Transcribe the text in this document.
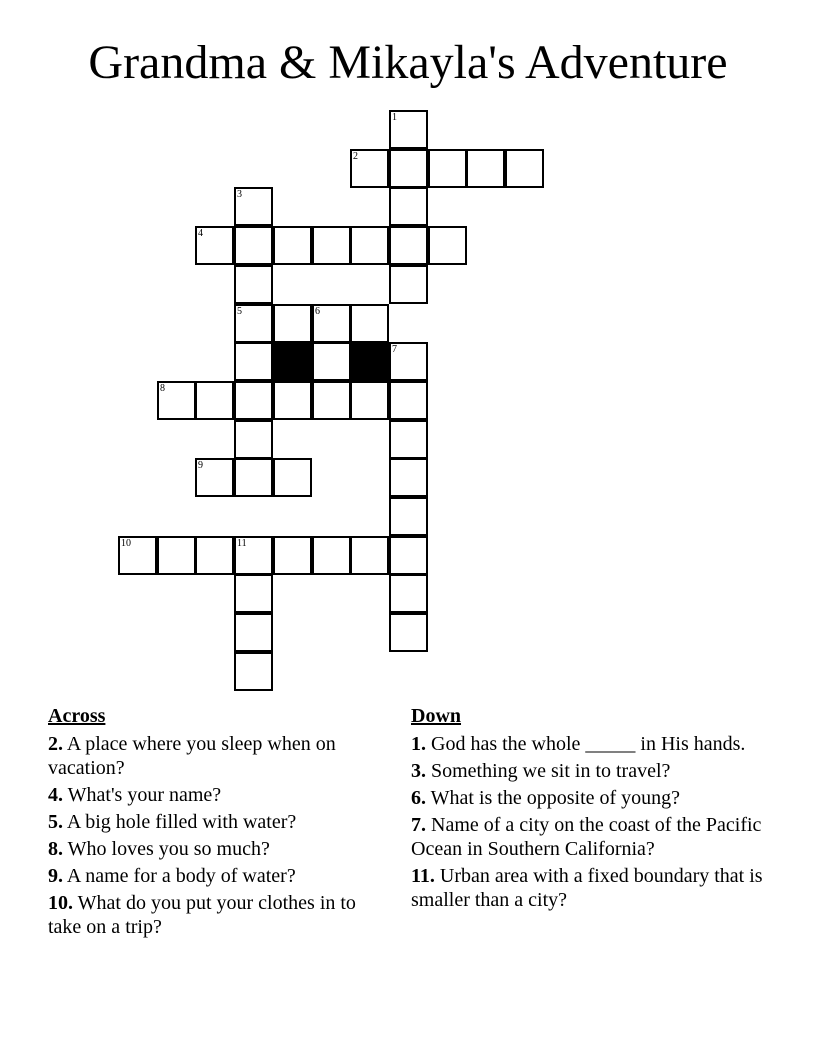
Grandma & Mikayla's Adventure
1
2
3
4
5	6
7
8
9
10	11
Across
2. A place where you sleep when on vacation?
4. What's your name?
5. A big hole filled with water?
8. Who loves you so much?
9. A name for a body of water?
10. What do you put your clothes in to take on a trip?
Down
1. God has the whole _____ in His hands.
3. Something we sit in to travel?
6. What is the opposite of young?
7. Name of a city on the coast of the Pacific Ocean in Southern California?
11. Urban area with a fixed boundary that is smaller than a city?
